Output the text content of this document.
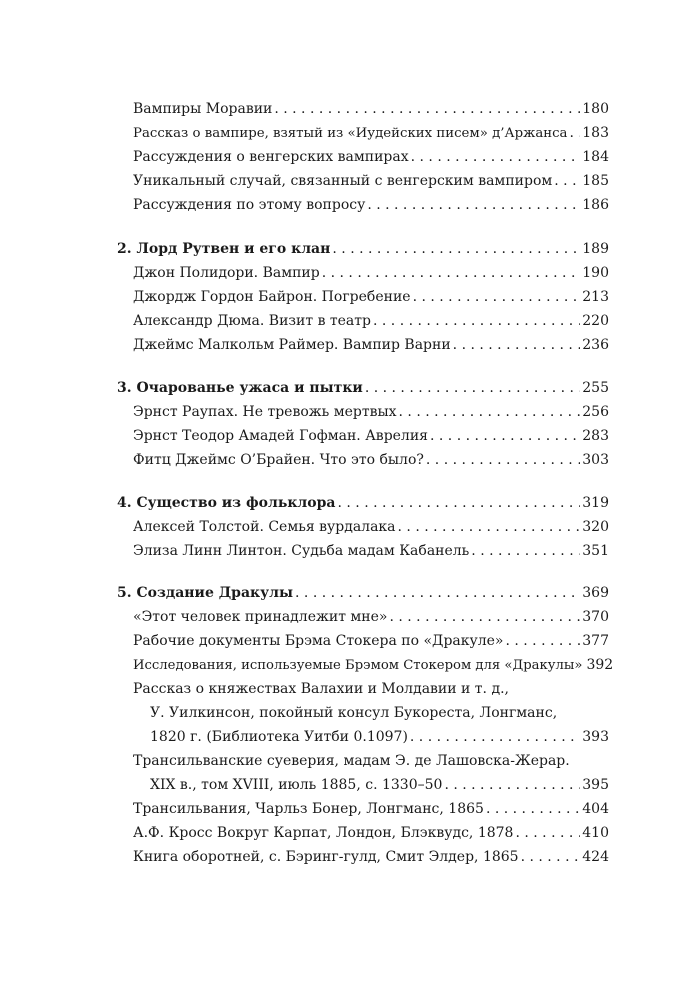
Вампиры Моравии . . .	180
Рассказ о вампире, взятый из «Иудейских писем» д’Аржанса . . . 183
Рассуждения о венгерских вампирах . . .	184
Уникальный случай, связанный с венгерским вампиром . . . 185
Рассуждения по этому вопросу . . .	186
2. Лорд Рутвен и его клан . . .	189
Джон Полидори. Вампир . . .	190
Джордж Гордон Байрон. Погребение . . .	213
Александр Дюма. Визит в театр . . .	220
Джеймс Малкольм Раймер. Вампир Варни . . .	236
3. Очарованье ужаса и пытки . . .	255
Эрнст Раупах. Не тревожь мертвых . . .	256
Эрнст Теодор Амадей Гофман. Аврелия . . .	283
Фитц Джеймс О’Брайен. Что это было? . . .	303
4. Существо из фольклора . . .	319
Алексей Толстой. Семья вурдалака . . .	320
Элиза Линн Линтон. Судьба мадам Кабанель . . .	351
5. Создание Дракулы . . .	369
«Этот человек принадлежит мне» . . .	370
Рабочие документы Брэма Стокера по «Дракуле» . . .	377
Исследования, используемые Брэмом Стокером для «Дракулы» 392
Рассказ о княжествах Валахии и Молдавии и т. д.,
У. Уилкинсон, покойный консул Букореста, Лонгманс,
1820 г. (Библиотека Уитби 0.1097) . . .	393
Трансильванские суеверия, мадам Э. де Лашовска-Жерар.
XIX в., том XVIII, июль 1885, с. 1330–50 . . .	395
Трансильвания, Чарльз Бонер, Лонгманс, 1865 . . .	404
А.Ф. Кросс Вокруг Карпат, Лондон, Блэквудс, 1878 . . .	410
Книга оборотней, с. Бэринг-гулд, Смит Элдер, 1865 . . .	424
